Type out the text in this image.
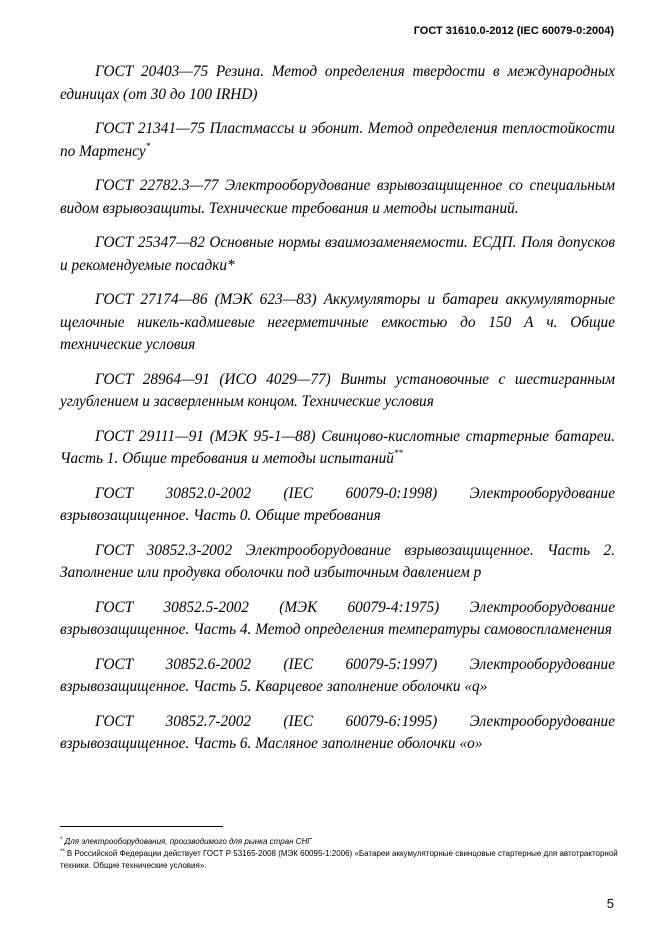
ГОСТ 31610.0-2012 (IEC 60079-0:2004)

ГОСТ 20403—75 Резина. Метод определения твердости в международных единицах (от 30 до 100 IRHD)

ГОСТ 21341—75 Пластмассы и эбонит. Метод определения теплостойкости по Мартенсу*

ГОСТ 22782.3—77 Электрооборудование взрывозащищенное со специальным видом взрывозащиты. Технические требования и методы испытаний.

ГОСТ 25347—82 Основные нормы взаимозаменяемости. ЕСДП. Поля допусков и рекомендуемые посадки*

ГОСТ 27174—86 (МЭК 623—83) Аккумуляторы и батареи аккумуляторные щелочные никель-кадмиевые негерметичные емкостью до 150 А ч. Общие технические условия

ГОСТ 28964—91 (ИСО 4029—77) Винты установочные с шестигранным углублением и засверленным концом. Технические условия

ГОСТ 29111—91 (МЭК 95-1—88) Свинцово-кислотные стартерные батареи. Часть 1. Общие требования и методы испытаний**

ГОСТ 30852.0-2002 (IEC 60079-0:1998) Электрооборудование взрывозащищенное. Часть 0. Общие требования

ГОСТ 30852.3-2002 Электрооборудование взрывозащищенное. Часть 2. Заполнение или продувка оболочки под избыточным давлением р

ГОСТ 30852.5-2002 (МЭК 60079-4:1975) Электрооборудование взрывозащищенное. Часть 4. Метод определения температуры самовоспламенения

ГОСТ 30852.6-2002 (IEC 60079-5:1997) Электрооборудование взрывозащищенное. Часть 5. Кварцевое заполнение оболочки «q»

ГОСТ 30852.7-2002 (IEC 60079-6:1995) Электрооборудование взрывозащищенное. Часть 6. Масляное заполнение оболочки «о»

* Для электрооборудования, производимого для рынка стран СНГ

** В Российской Федерации действует ГОСТ Р 53165-2008 (МЭК 60095-1:2006) «Батареи аккумуляторные свинцовые стартерные для автотракторной техники. Общие технические условия».

5
